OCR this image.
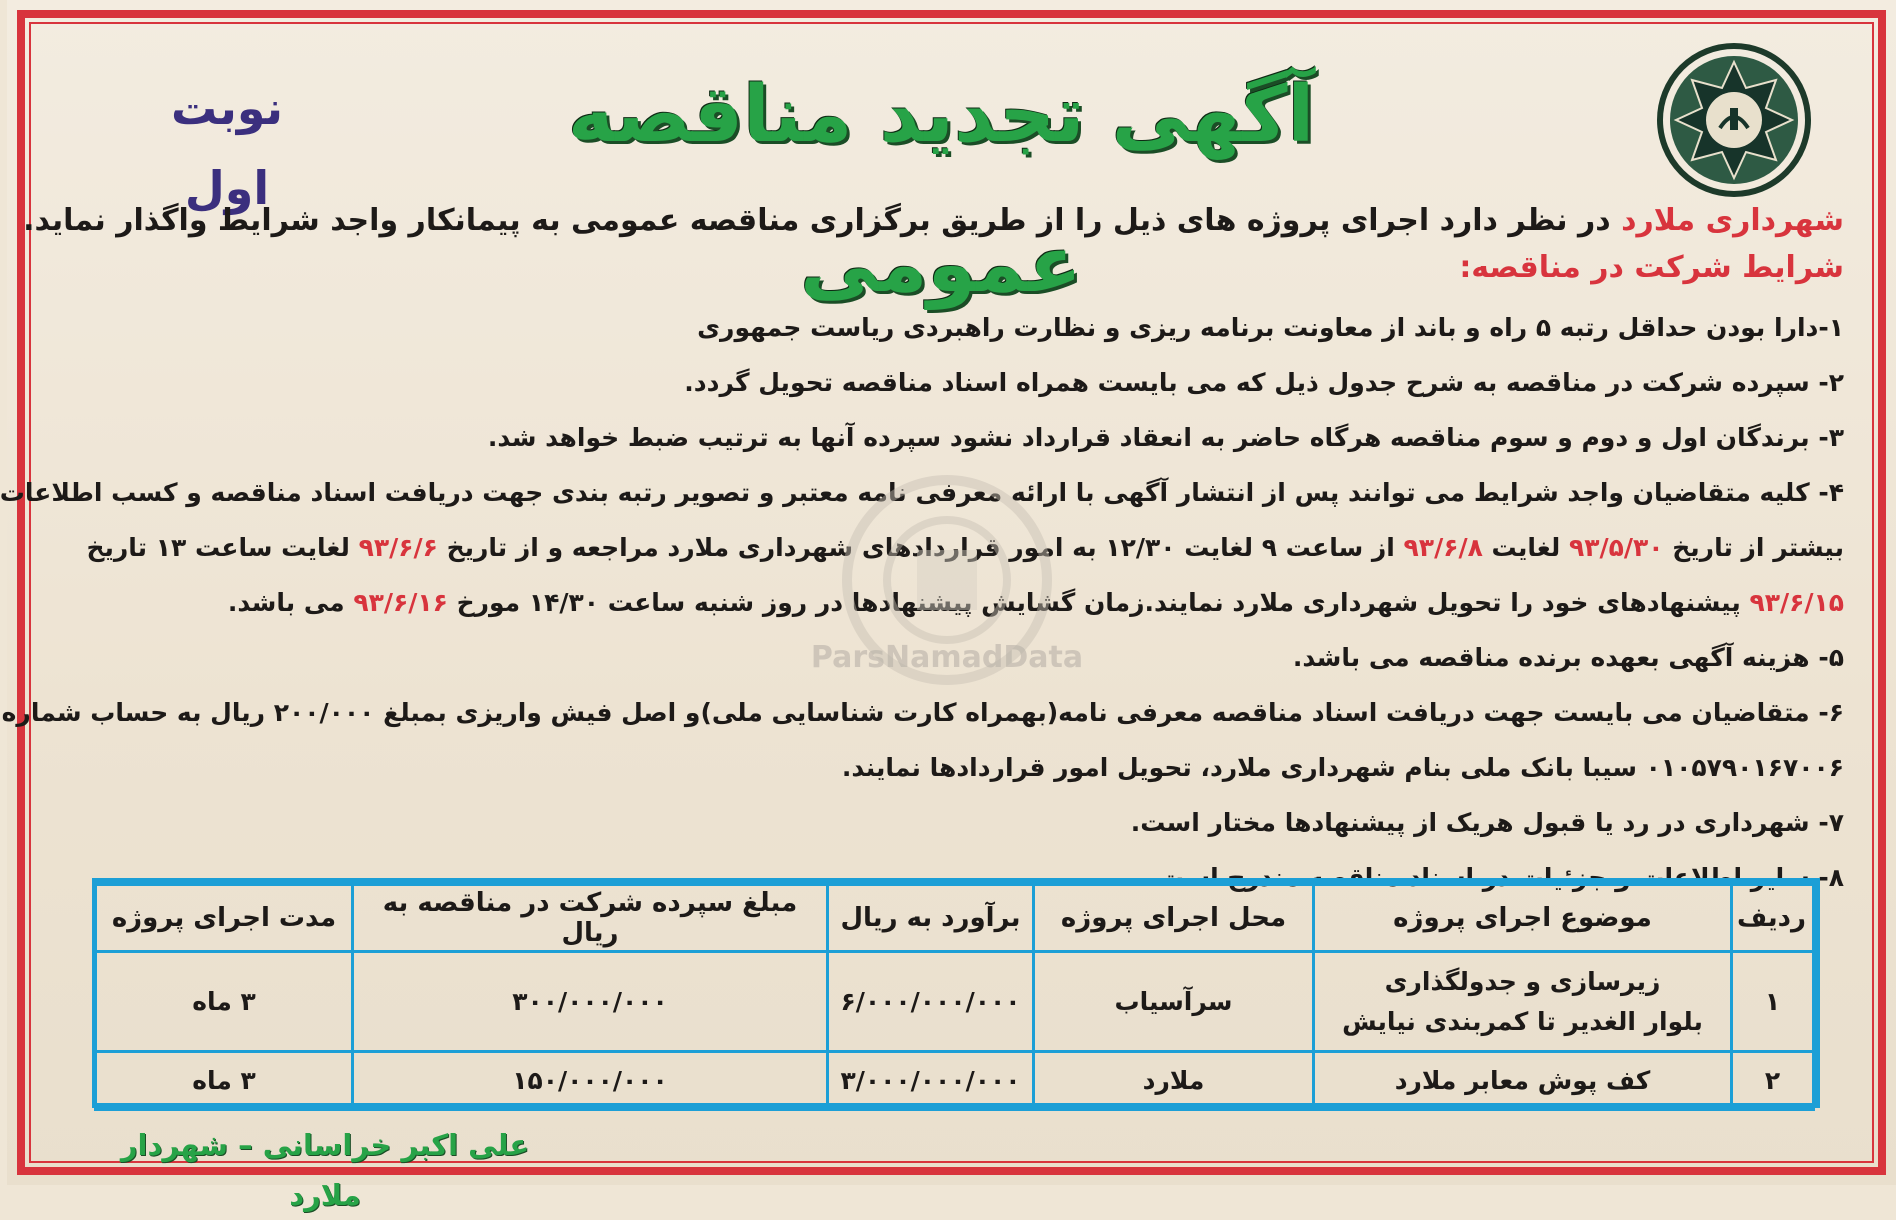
آگهی تجدید مناقصه عمومی
نوبت اول
شهرداری ملارد در نظر دارد اجرای پروژه های ذیل را از طریق برگزاری مناقصه عمومی به پیمانکار واجد شرایط واگذار نماید.
شرایط شرکت در مناقصه:
۱-دارا بودن حداقل رتبه ۵ راه و باند از معاونت برنامه ریزی و نظارت راهبردی ریاست جمهوری
۲- سپرده شرکت در مناقصه به شرح جدول ذیل که می بایست همراه اسناد مناقصه تحویل گردد.
۳- برندگان اول و دوم و سوم مناقصه هرگاه حاضر به انعقاد قرارداد نشود سپرده آنها به ترتیب ضبط خواهد شد.
۴- کلیه متقاضیان واجد شرایط می توانند پس از انتشار آگهی با ارائه معرفی نامه معتبر و تصویر رتبه بندی جهت دریافت اسناد مناقصه و کسب اطلاعات
بیشتر از تاریخ ۹۳/۵/۳۰ لغایت ۹۳/۶/۸ از ساعت ۹ لغایت ۱۲/۳۰ به امور قراردادهای شهرداری ملارد مراجعه و از تاریخ ۹۳/۶/۶ لغایت ساعت ۱۳ تاریخ
۹۳/۶/۱۵ پیشنهادهای خود را تحویل شهرداری ملارد نمایند.زمان گشایش پیشنهادها در روز شنبه ساعت ۱۴/۳۰ مورخ ۹۳/۶/۱۶ می باشد.
۵- هزینه آگهی بعهده برنده مناقصه می باشد.
۶- متقاضیان می بایست جهت دریافت اسناد مناقصه معرفی نامه(بهمراه کارت شناسایی ملی)و اصل فیش واریزی بمبلغ ۲۰۰/۰۰۰ ریال به حساب شماره
۰۱۰۵۷۹۰۱۶۷۰۰۶ سیبا بانک ملی بنام شهرداری ملارد، تحویل امور قراردادها نمایند.
۷- شهرداری در رد یا قبول هریک از پیشنهادها مختار است.
۸- سایر اطلاعات و جزئیات در اسناد مناقصه مندرج است.
ParsNamadData
ردیف	موضوع اجرای پروژه	محل اجرای پروژه	برآورد به ریال	مبلغ سپرده شرکت در مناقصه به ریال	مدت اجرای پروژه
۱	زیرسازی و جدولگذاری
بلوار الغدیر تا کمربندی نیایش	سرآسیاب	۶/۰۰۰/۰۰۰/۰۰۰	۳۰۰/۰۰۰/۰۰۰	۳ ماه
۲	کف پوش معابر ملارد	ملارد	۳/۰۰۰/۰۰۰/۰۰۰	۱۵۰/۰۰۰/۰۰۰	۳ ماه
علی اکبر خراسانی – شهردار ملارد
